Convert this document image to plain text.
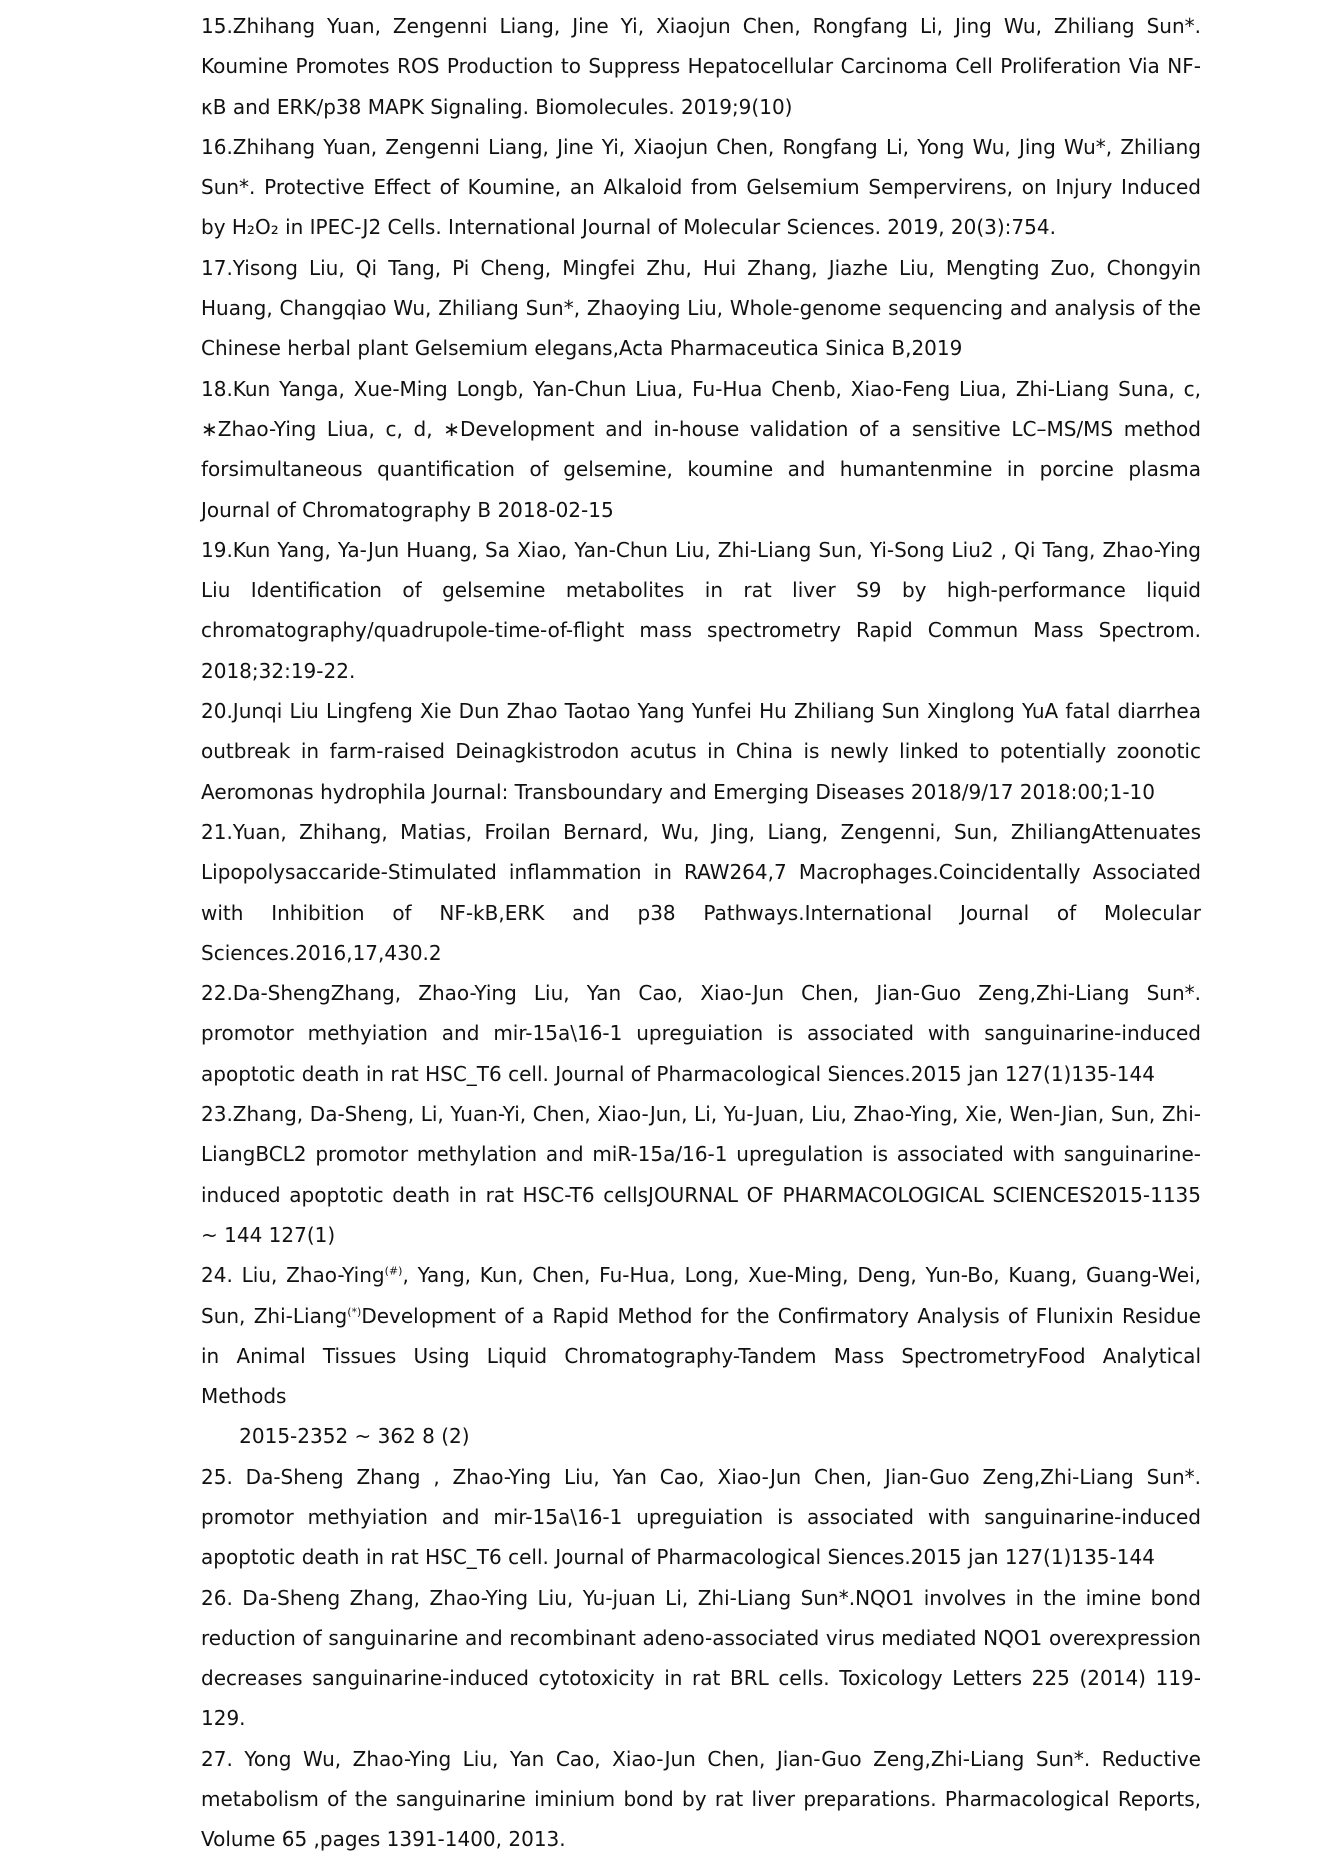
15.Zhihang Yuan, Zengenni Liang, Jine Yi, Xiaojun Chen, Rongfang Li, Jing Wu, Zhiliang Sun*. Koumine Promotes ROS Production to Suppress Hepatocellular Carcinoma Cell Proliferation Via NF-κB and ERK/p38 MAPK Signaling. Biomolecules. 2019;9(10)

16.Zhihang Yuan, Zengenni Liang, Jine Yi, Xiaojun Chen, Rongfang Li, Yong Wu, Jing Wu*, Zhiliang Sun*. Protective Effect of Koumine, an Alkaloid from Gelsemium Sempervirens, on Injury Induced by H₂O₂ in IPEC-J2 Cells. International Journal of Molecular Sciences. 2019, 20(3):754.

17.Yisong Liu, Qi Tang, Pi Cheng, Mingfei Zhu, Hui Zhang, Jiazhe Liu, Mengting Zuo, Chongyin Huang, Changqiao Wu, Zhiliang Sun*, Zhaoying Liu, Whole-genome sequencing and analysis of the Chinese herbal plant Gelsemium elegans,Acta Pharmaceutica Sinica B,2019

18.Kun Yanga, Xue-Ming Longb, Yan-Chun Liua, Fu-Hua Chenb, Xiao-Feng Liua, Zhi-Liang Suna, c, ∗Zhao-Ying Liua, c, d, ∗Development and in-house validation of a sensitive LC–MS/MS method forsimultaneous quantification of gelsemine, koumine and humantenmine in porcine plasma Journal of Chromatography B 2018-02-15

19.Kun Yang, Ya-Jun Huang, Sa Xiao, Yan-Chun Liu, Zhi-Liang Sun, Yi-Song Liu2 , Qi Tang, Zhao-Ying Liu Identification of gelsemine metabolites in rat liver S9 by high-performance liquid chromatography/quadrupole-time-of-flight mass spectrometry Rapid Commun Mass Spectrom. 2018;32:19-22.

20.Junqi Liu Lingfeng Xie Dun Zhao Taotao Yang Yunfei Hu Zhiliang Sun Xinglong YuA fatal diarrhea outbreak in farm-raised Deinagkistrodon acutus in China is newly linked to potentially zoonotic Aeromonas hydrophila Journal: Transboundary and Emerging Diseases 2018/9/17 2018:00;1-10

21.Yuan, Zhihang, Matias, Froilan Bernard, Wu, Jing, Liang, Zengenni, Sun, ZhiliangAttenuates Lipopolysaccaride-Stimulated inflammation in RAW264,7 Macrophages.Coincidentally Associated with Inhibition of NF-kB,ERK and p38 Pathways.International Journal of Molecular Sciences.2016,17,430.2

22.Da-ShengZhang, Zhao-Ying Liu, Yan Cao, Xiao-Jun Chen, Jian-Guo Zeng,Zhi-Liang Sun*. promotor methyiation and mir-15a\16-1 upreguiation is associated with sanguinarine-induced apoptotic death in rat HSC_T6 cell. Journal of Pharmacological Siences.2015 jan 127(1)135-144

23.Zhang, Da-Sheng, Li, Yuan-Yi, Chen, Xiao-Jun, Li, Yu-Juan, Liu, Zhao-Ying, Xie, Wen-Jian, Sun, Zhi-LiangBCL2 promotor methylation and miR-15a/16-1 upregulation is associated with sanguinarine-induced apoptotic death in rat HSC-T6 cellsJOURNAL OF PHARMACOLOGICAL SCIENCES2015-1135 ~ 144 127(1)

24. Liu, Zhao-Ying(#), Yang, Kun, Chen, Fu-Hua, Long, Xue-Ming, Deng, Yun-Bo, Kuang, Guang-Wei, Sun, Zhi-Liang(*)Development of a Rapid Method for the Confirmatory Analysis of Flunixin Residue in Animal Tissues Using Liquid Chromatography-Tandem Mass SpectrometryFood Analytical Methods
2015-2352 ~ 362 8 (2)

25. Da-Sheng Zhang , Zhao-Ying Liu, Yan Cao, Xiao-Jun Chen, Jian-Guo Zeng,Zhi-Liang Sun*. promotor methyiation and mir-15a\16-1 upreguiation is associated with sanguinarine-induced apoptotic death in rat HSC_T6 cell. Journal of Pharmacological Siences.2015 jan 127(1)135-144

26. Da-Sheng Zhang, Zhao-Ying Liu, Yu-juan Li, Zhi-Liang Sun*.NQO1 involves in the imine bond reduction of sanguinarine and recombinant adeno-associated virus mediated NQO1 overexpression decreases sanguinarine-induced cytotoxicity in rat BRL cells. Toxicology Letters 225 (2014) 119-129.

27. Yong Wu, Zhao-Ying Liu, Yan Cao, Xiao-Jun Chen, Jian-Guo Zeng,Zhi-Liang Sun*. Reductive metabolism of the sanguinarine iminium bond by rat liver preparations. Pharmacological Reports, Volume 65 ,pages 1391-1400, 2013.
